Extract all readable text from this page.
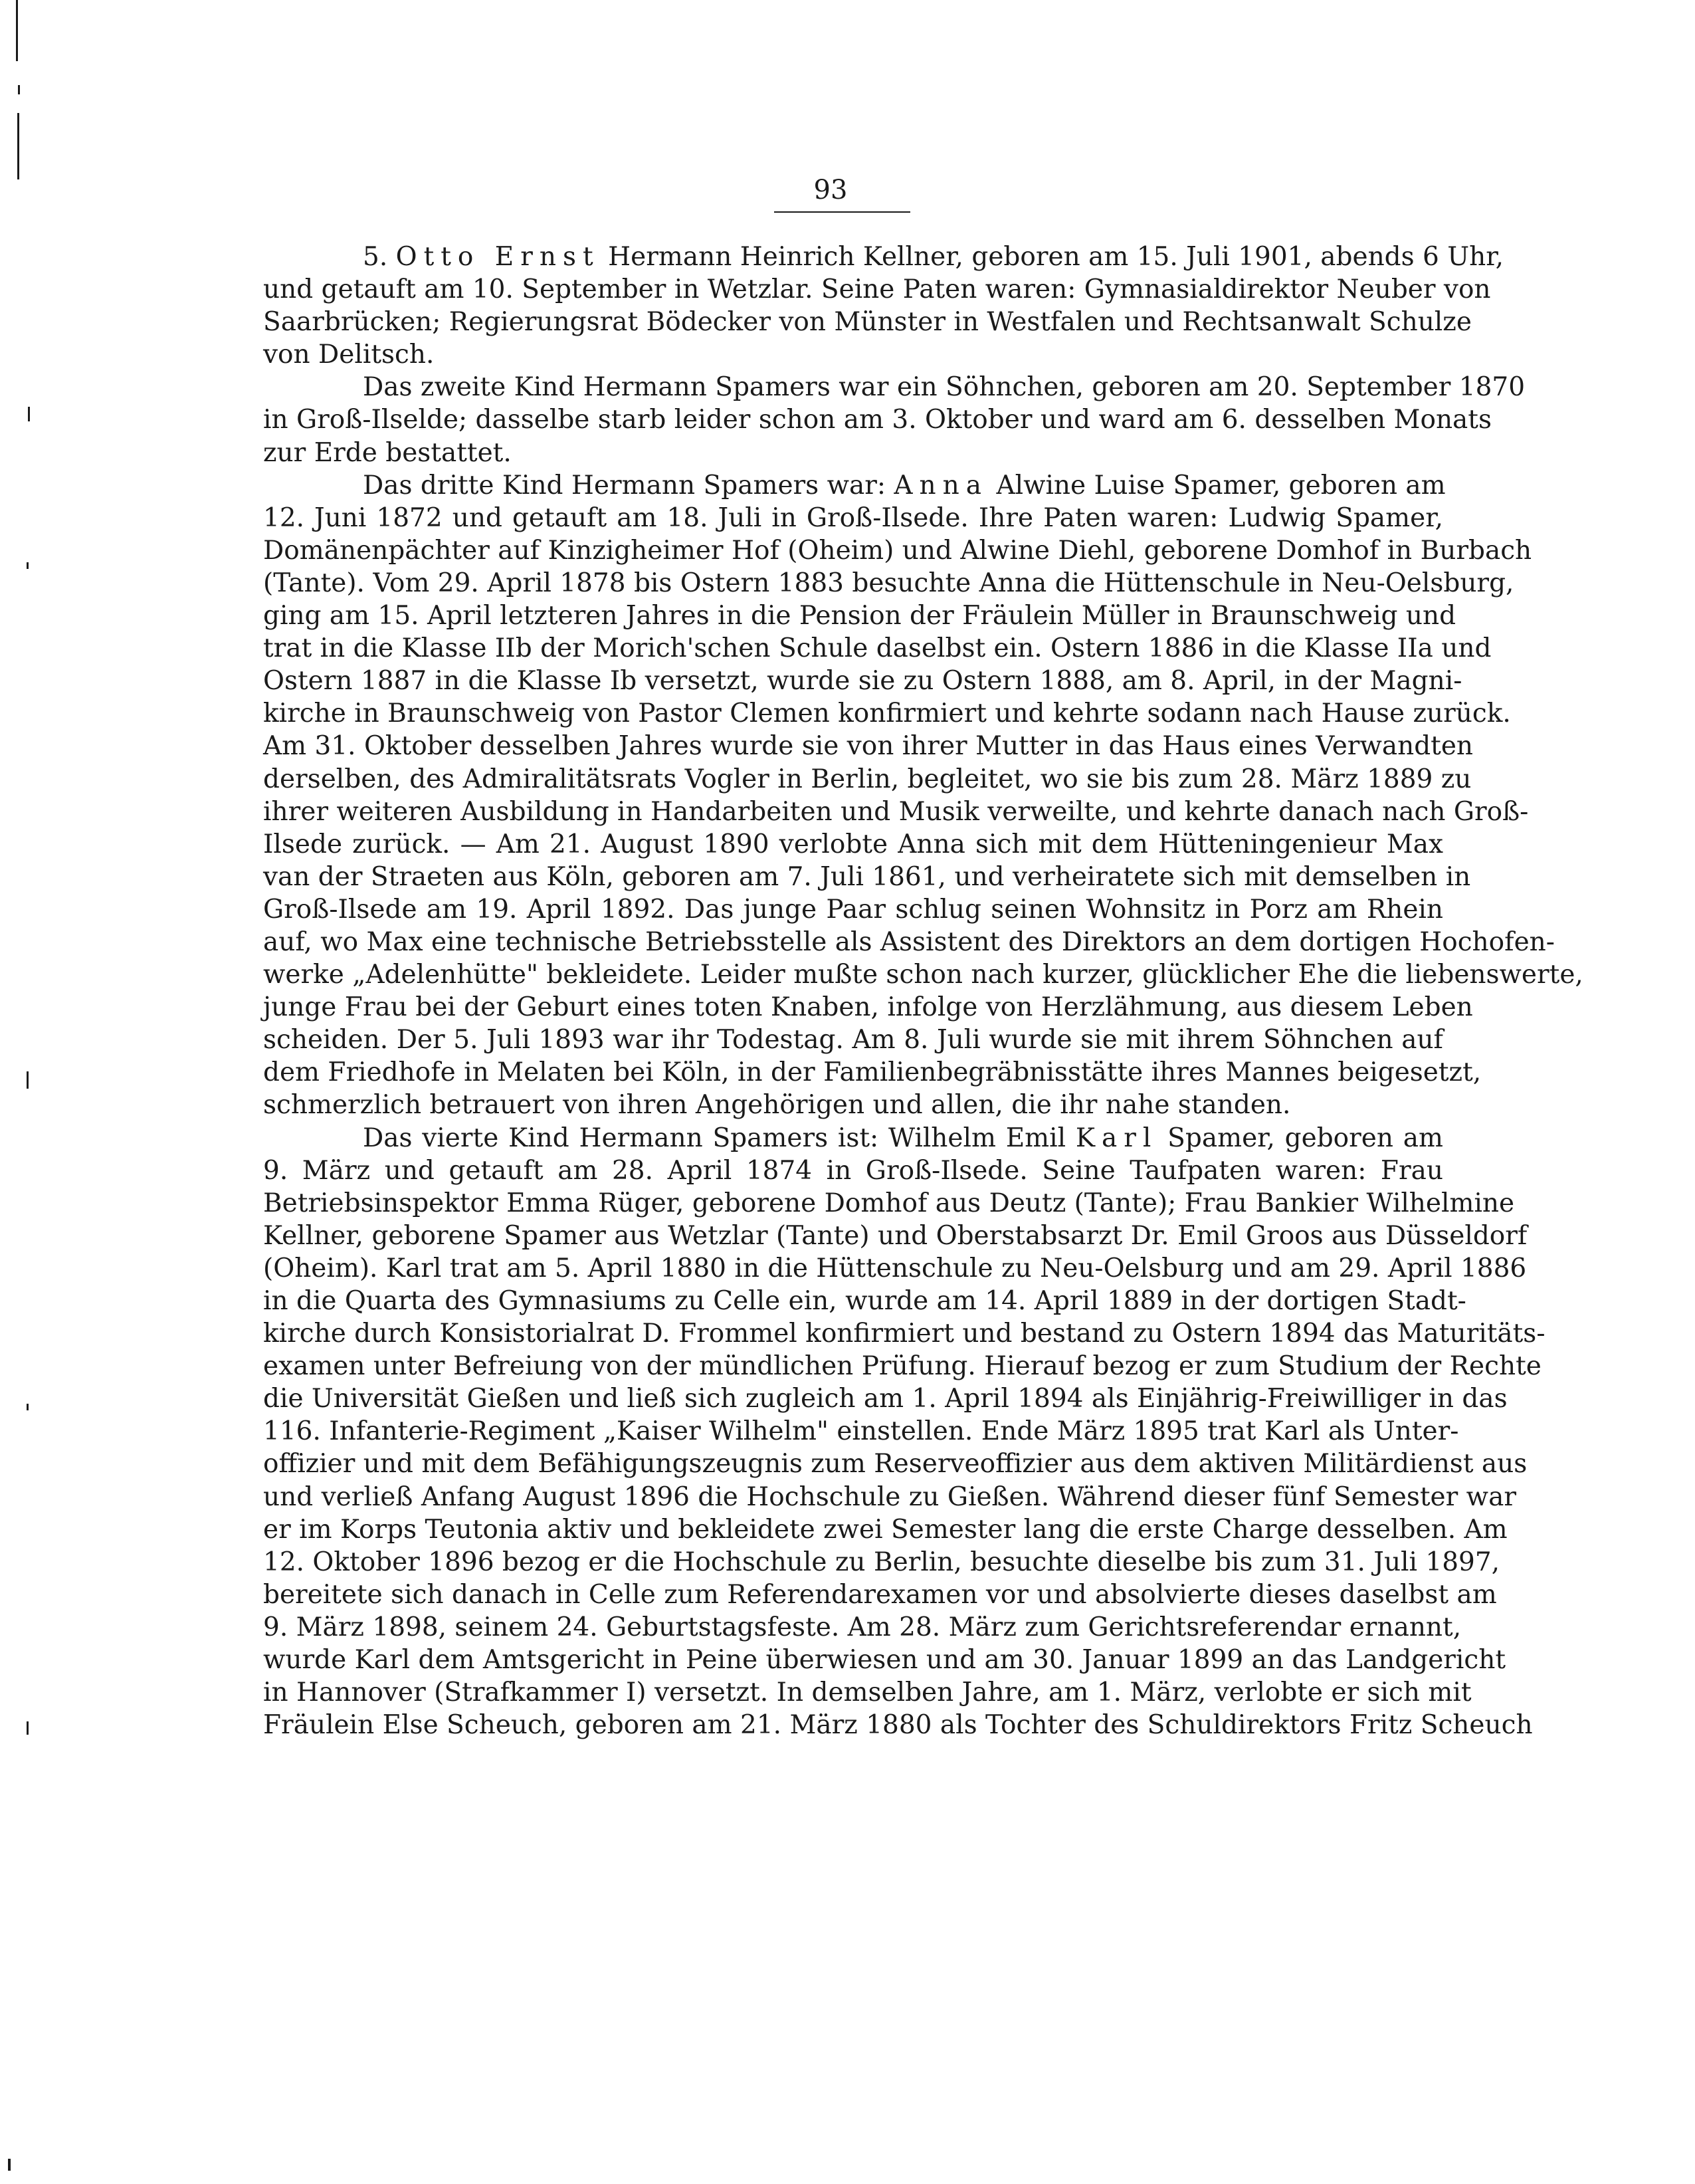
93
5. Otto Ernst Hermann Heinrich Kellner, geboren am 15. Juli 1901, abends 6 Uhr,
und getauft am 10. September in Wetzlar. Seine Paten waren: Gymnasialdirektor Neuber von
Saarbrücken; Regierungsrat Bödecker von Münster in Westfalen und Rechtsanwalt Schulze
von Delitsch.
Das zweite Kind Hermann Spamers war ein Söhnchen, geboren am 20. September 1870
in Groß-Ilselde; dasselbe starb leider schon am 3. Oktober und ward am 6. desselben Monats
zur Erde bestattet.
Das dritte Kind Hermann Spamers war: Anna Alwine Luise Spamer, geboren am
12. Juni 1872 und getauft am 18. Juli in Groß-Ilsede. Ihre Paten waren: Ludwig Spamer,
Domänenpächter auf Kinzigheimer Hof (Oheim) und Alwine Diehl, geborene Domhof in Burbach
(Tante). Vom 29. April 1878 bis Ostern 1883 besuchte Anna die Hüttenschule in Neu-Oelsburg,
ging am 15. April letzteren Jahres in die Pension der Fräulein Müller in Braunschweig und
trat in die Klasse IIb der Morich'schen Schule daselbst ein. Ostern 1886 in die Klasse IIa und
Ostern 1887 in die Klasse Ib versetzt, wurde sie zu Ostern 1888, am 8. April, in der Magni-
kirche in Braunschweig von Pastor Clemen konfirmiert und kehrte sodann nach Hause zurück.
Am 31. Oktober desselben Jahres wurde sie von ihrer Mutter in das Haus eines Verwandten
derselben, des Admiralitätsrats Vogler in Berlin, begleitet, wo sie bis zum 28. März 1889 zu
ihrer weiteren Ausbildung in Handarbeiten und Musik verweilte, und kehrte danach nach Groß-
Ilsede zurück. — Am 21. August 1890 verlobte Anna sich mit dem Hütteningenieur Max
van der Straeten aus Köln, geboren am 7. Juli 1861, und verheiratete sich mit demselben in
Groß-Ilsede am 19. April 1892. Das junge Paar schlug seinen Wohnsitz in Porz am Rhein
auf, wo Max eine technische Betriebsstelle als Assistent des Direktors an dem dortigen Hochofen-
werke „Adelenhütte" bekleidete. Leider mußte schon nach kurzer, glücklicher Ehe die liebenswerte,
junge Frau bei der Geburt eines toten Knaben, infolge von Herzlähmung, aus diesem Leben
scheiden. Der 5. Juli 1893 war ihr Todestag. Am 8. Juli wurde sie mit ihrem Söhnchen auf
dem Friedhofe in Melaten bei Köln, in der Familienbegräbnisstätte ihres Mannes beigesetzt,
schmerzlich betrauert von ihren Angehörigen und allen, die ihr nahe standen.
Das vierte Kind Hermann Spamers ist: Wilhelm Emil Karl Spamer, geboren am
9. März und getauft am 28. April 1874 in Groß-Ilsede. Seine Taufpaten waren: Frau
Betriebsinspektor Emma Rüger, geborene Domhof aus Deutz (Tante); Frau Bankier Wilhelmine
Kellner, geborene Spamer aus Wetzlar (Tante) und Oberstabsarzt Dr. Emil Groos aus Düsseldorf
(Oheim). Karl trat am 5. April 1880 in die Hüttenschule zu Neu-Oelsburg und am 29. April 1886
in die Quarta des Gymnasiums zu Celle ein, wurde am 14. April 1889 in der dortigen Stadt-
kirche durch Konsistorialrat D. Frommel konfirmiert und bestand zu Ostern 1894 das Maturitäts-
examen unter Befreiung von der mündlichen Prüfung. Hierauf bezog er zum Studium der Rechte
die Universität Gießen und ließ sich zugleich am 1. April 1894 als Einjährig-Freiwilliger in das
116. Infanterie-Regiment „Kaiser Wilhelm" einstellen. Ende März 1895 trat Karl als Unter-
offizier und mit dem Befähigungszeugnis zum Reserveoffizier aus dem aktiven Militärdienst aus
und verließ Anfang August 1896 die Hochschule zu Gießen. Während dieser fünf Semester war
er im Korps Teutonia aktiv und bekleidete zwei Semester lang die erste Charge desselben. Am
12. Oktober 1896 bezog er die Hochschule zu Berlin, besuchte dieselbe bis zum 31. Juli 1897,
bereitete sich danach in Celle zum Referendarexamen vor und absolvierte dieses daselbst am
9. März 1898, seinem 24. Geburtstagsfeste. Am 28. März zum Gerichtsreferendar ernannt,
wurde Karl dem Amtsgericht in Peine überwiesen und am 30. Januar 1899 an das Landgericht
in Hannover (Strafkammer I) versetzt. In demselben Jahre, am 1. März, verlobte er sich mit
Fräulein Else Scheuch, geboren am 21. März 1880 als Tochter des Schuldirektors Fritz Scheuch
